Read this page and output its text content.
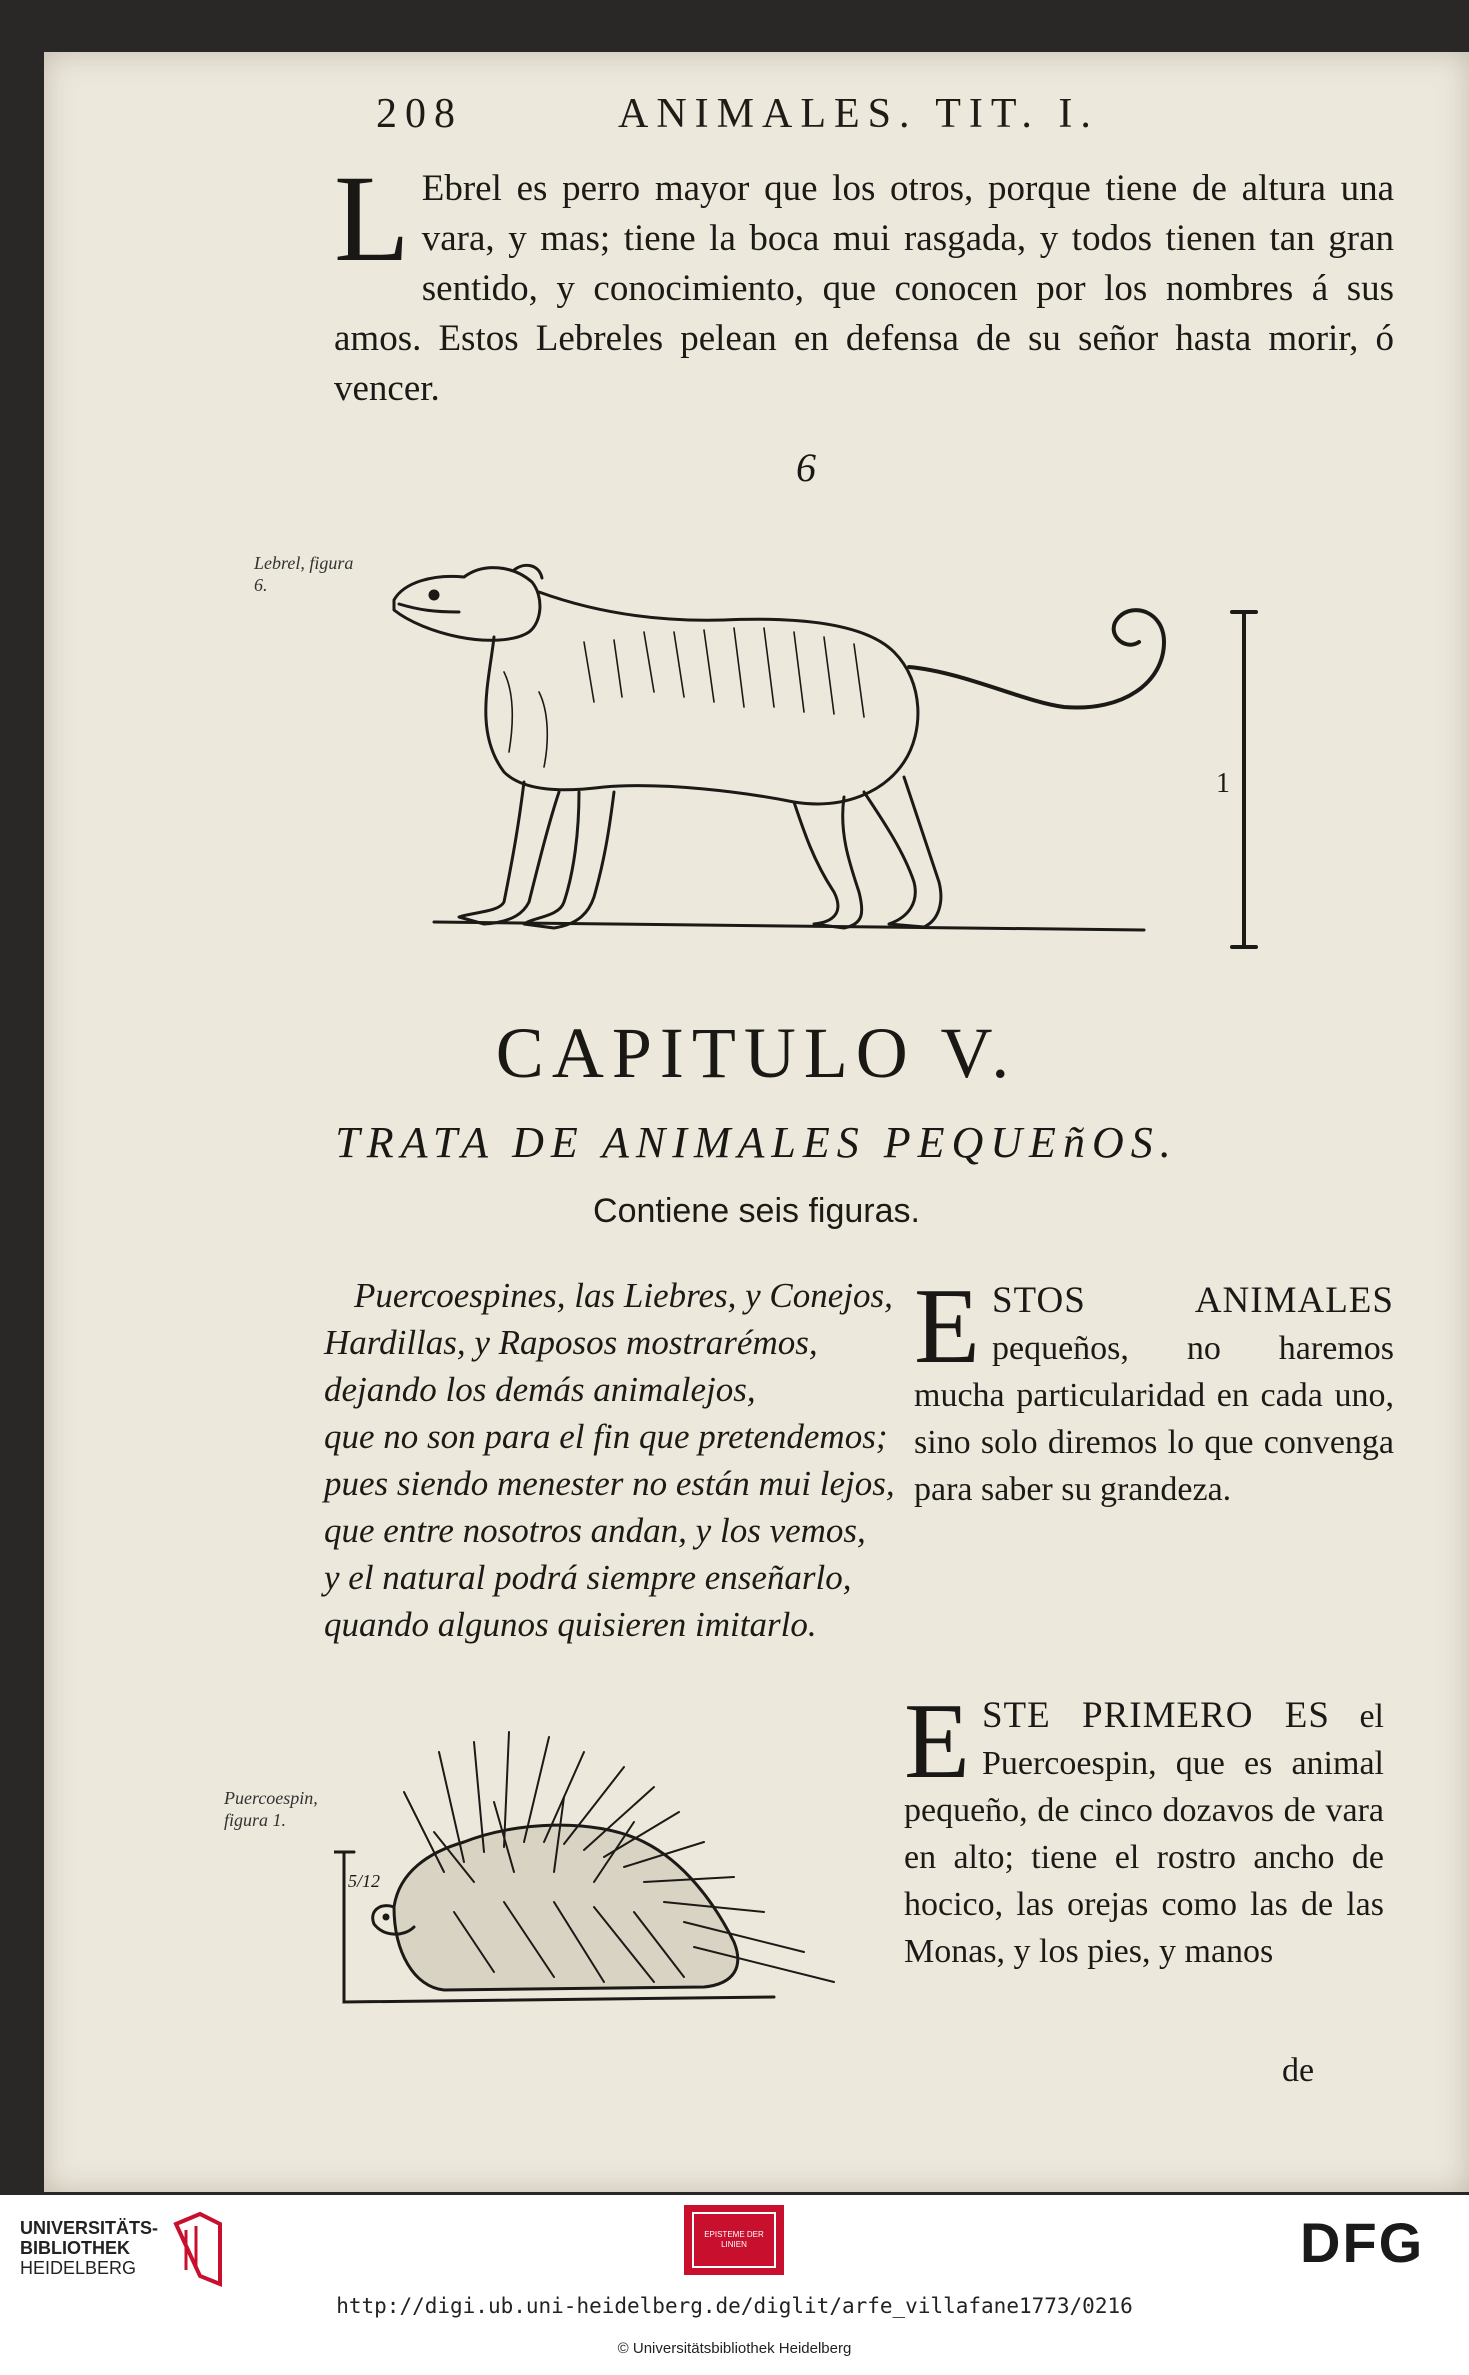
208	ANIMALES. TIT. I.
L Ebrel es perro mayor que los otros, porque tiene de altura una vara, y mas; tiene la boca mui rasgada, y todos tienen tan gran sentido, y conocimiento, que conocen por los nombres á sus amos. Estos Lebreles pelean en defensa de su señor hasta morir, ó vencer.
6
Lebrel, figura 6.
1
CAPITULO V.
TRATA DE ANIMALES PEQUEñOS.
Contiene seis figuras.
Puercoespines, las Liebres, y Conejos,
Hardillas, y Raposos mostrarémos,
dejando los demás animalejos,
que no son para el fin que pretendemos;
pues siendo menester no están mui lejos,
que entre nosotros andan, y los vemos,
y el natural podrá siempre enseñarlo,
quando algunos quisieren imitarlo.
E STOS ANIMALES pequeños, no haremos mucha particularidad en cada uno, sino solo diremos lo que convenga para saber su grandeza.
Puercoespin, figura 1.
5/12
E STE PRIMERO ES el Puercoespin, que es animal pequeño, de cinco dozavos de vara en alto; tiene el rostro ancho de hocico, las orejas como las de las Monas, y los pies, y manos
de
UNIVERSITÄTS-
BIBLIOTHEK
HEIDELBERG
EPISTEME DER LINIEN	DFG
http://digi.ub.uni-heidelberg.de/diglit/arfe_villafane1773/0216
© Universitätsbibliothek Heidelberg
